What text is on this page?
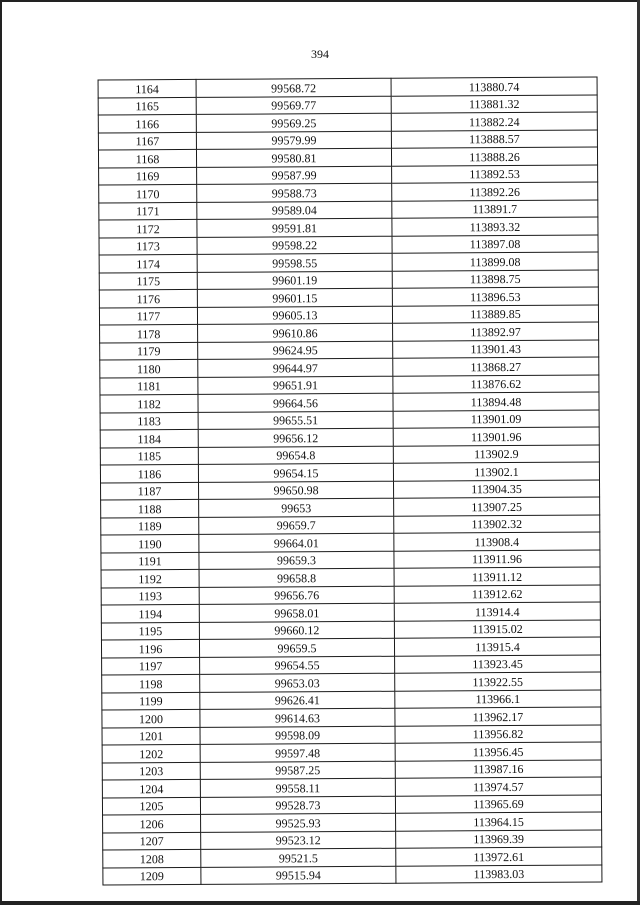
394
1164	99568.72	113880.74
1165	99569.77	113881.32
1166	99569.25	113882.24
1167	99579.99	113888.57
1168	99580.81	113888.26
1169	99587.99	113892.53
1170	99588.73	113892.26
1171	99589.04	113891.7
1172	99591.81	113893.32
1173	99598.22	113897.08
1174	99598.55	113899.08
1175	99601.19	113898.75
1176	99601.15	113896.53
1177	99605.13	113889.85
1178	99610.86	113892.97
1179	99624.95	113901.43
1180	99644.97	113868.27
1181	99651.91	113876.62
1182	99664.56	113894.48
1183	99655.51	113901.09
1184	99656.12	113901.96
1185	99654.8	113902.9
1186	99654.15	113902.1
1187	99650.98	113904.35
1188	99653	113907.25
1189	99659.7	113902.32
1190	99664.01	113908.4
1191	99659.3	113911.96
1192	99658.8	113911.12
1193	99656.76	113912.62
1194	99658.01	113914.4
1195	99660.12	113915.02
1196	99659.5	113915.4
1197	99654.55	113923.45
1198	99653.03	113922.55
1199	99626.41	113966.1
1200	99614.63	113962.17
1201	99598.09	113956.82
1202	99597.48	113956.45
1203	99587.25	113987.16
1204	99558.11	113974.57
1205	99528.73	113965.69
1206	99525.93	113964.15
1207	99523.12	113969.39
1208	99521.5	113972.61
1209	99515.94	113983.03
